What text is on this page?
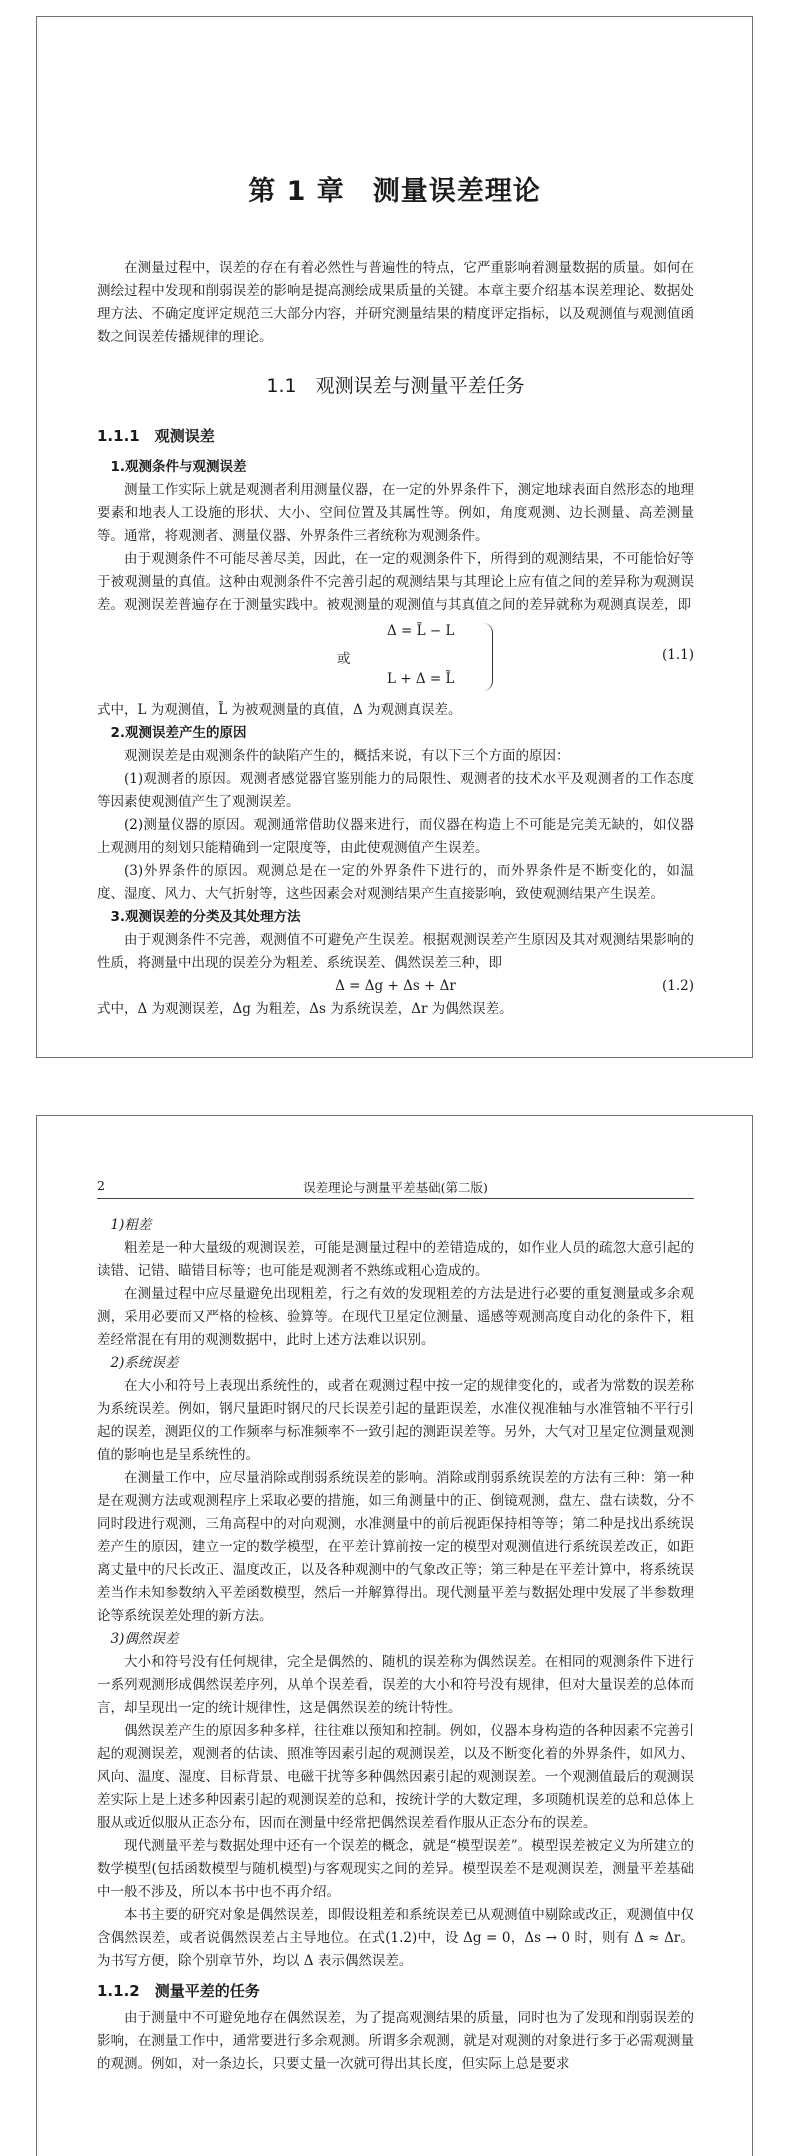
第 1 章　测量误差理论

在测量过程中，误差的存在有着必然性与普遍性的特点，它严重影响着测量数据的质量。如何在测绘过程中发现和削弱误差的影响是提高测绘成果质量的关键。本章主要介绍基本误差理论、数据处理方法、不确定度评定规范三大部分内容，并研究测量结果的精度评定指标，以及观测值与观测值函数之间误差传播规律的理论。

1.1　观测误差与测量平差任务
1.1.1　观测误差
1.观测条件与观测误差

测量工作实际上就是观测者利用测量仪器，在一定的外界条件下，测定地球表面自然形态的地理要素和地表人工设施的形状、大小、空间位置及其属性等。例如，角度观测、边长测量、高差测量等。通常，将观测者、测量仪器、外界条件三者统称为观测条件。

由于观测条件不可能尽善尽美，因此，在一定的观测条件下，所得到的观测结果，不可能恰好等于被观测量的真值。这种由观测条件不完善引起的观测结果与其理论上应有值之间的差异称为观测误差。观测误差普遍存在于测量实践中。被观测量的观测值与其真值之间的差异就称为观测真误差，即

Δ = L̃ − L
或
L + Δ = L̃
(1.1)

式中，L 为观测值，L̃ 为被观测量的真值，Δ 为观测真误差。

2.观测误差产生的原因

观测误差是由观测条件的缺陷产生的，概括来说，有以下三个方面的原因：

(1)观测者的原因。观测者感觉器官鉴别能力的局限性、观测者的技术水平及观测者的工作态度等因素使观测值产生了观测误差。

(2)测量仪器的原因。观测通常借助仪器来进行，而仪器在构造上不可能是完美无缺的，如仪器上观测用的刻划只能精确到一定限度等，由此使观测值产生误差。

(3)外界条件的原因。观测总是在一定的外界条件下进行的，而外界条件是不断变化的，如温度、湿度、风力、大气折射等，这些因素会对观测结果产生直接影响，致使观测结果产生误差。

3.观测误差的分类及其处理方法

由于观测条件不完善，观测值不可避免产生误差。根据观测误差产生原因及其对观测结果影响的性质，将测量中出现的误差分为粗差、系统误差、偶然误差三种，即

Δ = Δg + Δs + Δr	(1.2)

式中，Δ 为观测误差，Δg 为粗差，Δs 为系统误差，Δr 为偶然误差。

2	误差理论与测量平差基础(第二版)
1)粗差

粗差是一种大量级的观测误差，可能是测量过程中的差错造成的，如作业人员的疏忽大意引起的读错、记错、瞄错目标等；也可能是观测者不熟练或粗心造成的。

在测量过程中应尽量避免出现粗差，行之有效的发现粗差的方法是进行必要的重复测量或多余观测，采用必要而又严格的检核、验算等。在现代卫星定位测量、遥感等观测高度自动化的条件下，粗差经常混在有用的观测数据中，此时上述方法难以识别。

2)系统误差

在大小和符号上表现出系统性的，或者在观测过程中按一定的规律变化的，或者为常数的误差称为系统误差。例如，钢尺量距时钢尺的尺长误差引起的量距误差，水准仪视准轴与水准管轴不平行引起的误差，测距仪的工作频率与标准频率不一致引起的测距误差等。另外，大气对卫星定位测量观测值的影响也是呈系统性的。

在测量工作中，应尽量消除或削弱系统误差的影响。消除或削弱系统误差的方法有三种：第一种是在观测方法或观测程序上采取必要的措施，如三角测量中的正、倒镜观测，盘左、盘右读数，分不同时段进行观测，三角高程中的对向观测，水准测量中的前后视距保持相等等；第二种是找出系统误差产生的原因，建立一定的数学模型，在平差计算前按一定的模型对观测值进行系统误差改正，如距离丈量中的尺长改正、温度改正，以及各种观测中的气象改正等；第三种是在平差计算中，将系统误差当作未知参数纳入平差函数模型，然后一并解算得出。现代测量平差与数据处理中发展了半参数理论等系统误差处理的新方法。

3)偶然误差

大小和符号没有任何规律，完全是偶然的、随机的误差称为偶然误差。在相同的观测条件下进行一系列观测形成偶然误差序列，从单个误差看，误差的大小和符号没有规律，但对大量误差的总体而言，却呈现出一定的统计规律性，这是偶然误差的统计特性。

偶然误差产生的原因多种多样，往往难以预知和控制。例如，仪器本身构造的各种因素不完善引起的观测误差，观测者的估读、照准等因素引起的观测误差，以及不断变化着的外界条件，如风力、风向、温度、湿度、目标背景、电磁干扰等多种偶然因素引起的观测误差。一个观测值最后的观测误差实际上是上述多种因素引起的观测误差的总和，按统计学的大数定理，多项随机误差的总和总体上服从或近似服从正态分布，因而在测量中经常把偶然误差看作服从正态分布的误差。

现代测量平差与数据处理中还有一个误差的概念，就是“模型误差”。模型误差被定义为所建立的数学模型(包括函数模型与随机模型)与客观现实之间的差异。模型误差不是观测误差，测量平差基础中一般不涉及，所以本书中也不再介绍。

本书主要的研究对象是偶然误差，即假设粗差和系统误差已从观测值中剔除或改正，观测值中仅含偶然误差，或者说偶然误差占主导地位。在式(1.2)中，设 Δg = 0，Δs → 0 时，则有 Δ ≈ Δr。为书写方便，除个别章节外，均以 Δ 表示偶然误差。

1.1.2　测量平差的任务

由于测量中不可避免地存在偶然误差，为了提高观测结果的质量，同时也为了发现和削弱误差的影响，在测量工作中，通常要进行多余观测。所谓多余观测，就是对观测的对象进行多于必需观测量的观测。例如，对一条边长，只要丈量一次就可得出其长度，但实际上总是要求
